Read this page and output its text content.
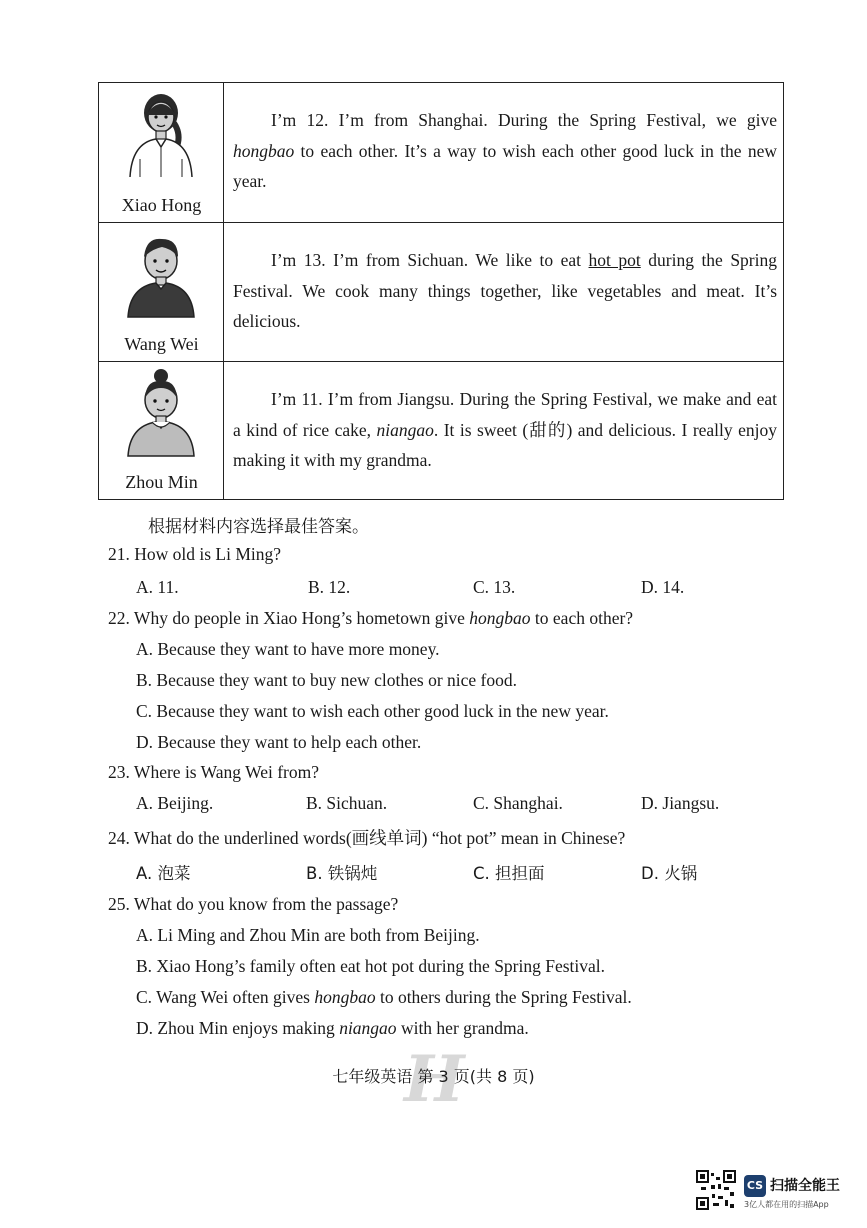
Xiao Hong
I’m 12. I’m from Shanghai. During the Spring Festival, we give hongbao to each other. It’s a way to wish each other good luck in the new year.
Wang Wei
I’m 13. I’m from Sichuan. We like to eat hot pot during the Spring Festival. We cook many things together, like vegetables and meat. It’s delicious.
Zhou Min
I’m 11. I’m from Jiangsu. During the Spring Festival, we make and eat a kind of rice cake, niangao. It is sweet (甜的) and delicious. I really enjoy making it with my grandma.
根据材料内容选择最佳答案。
21. How old is Li Ming?
A. 11.	B. 12.	C. 13.	D. 14.
22. Why do people in Xiao Hong’s hometown give hongbao to each other?
A. Because they want to have more money.
B. Because they want to buy new clothes or nice food.
C. Because they want to wish each other good luck in the new year.
D. Because they want to help each other.
23. Where is Wang Wei from?
A. Beijing.	B. Sichuan.	C. Shanghai.	D. Jiangsu.
24. What do the underlined words(画线单词) “hot pot” mean in Chinese?
A. 泡菜	B. 铁锅炖	C. 担担面	D. 火锅
25. What do you know from the passage?
A. Li Ming and Zhou Min are both from Beijing.
B. Xiao Hong’s family often eat hot pot during the Spring Festival.
C. Wang Wei often gives hongbao to others during the Spring Festival.
D. Zhou Min enjoys making niangao with her grandma.
H
七年级英语 第 3 页(共 8 页)
CS 扫描全能王
3亿人都在用的扫描App
